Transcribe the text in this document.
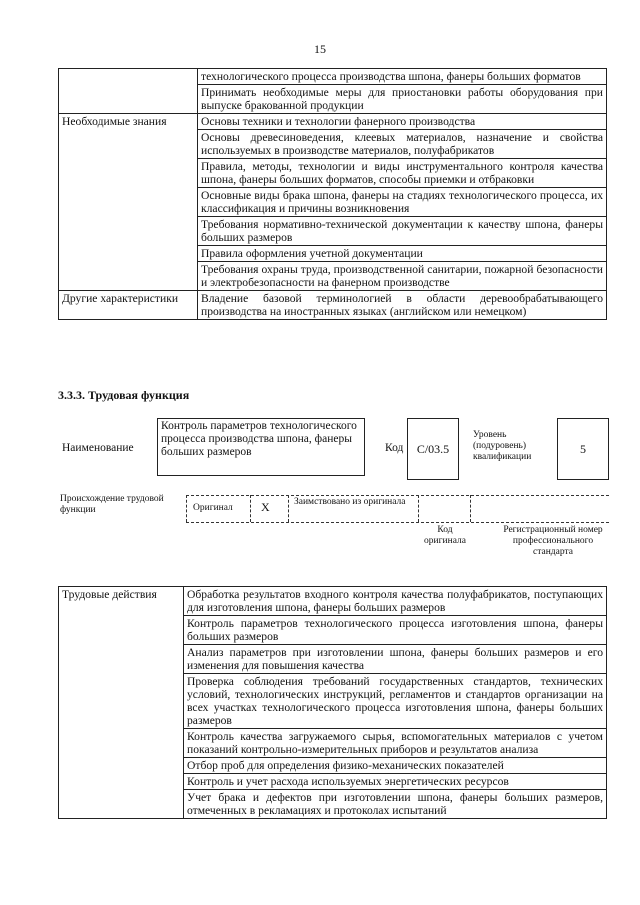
15
	технологического процесса производства шпона, фанеры больших форматов
	Принимать необходимые меры для приостановки работы оборудования при выпуске бракованной продукции
Необходимые знания	Основы техники и технологии фанерного производства
	Основы древесиноведения, клеевых материалов, назначение и свойства используемых в производстве материалов, полуфабрикатов
	Правила, методы, технологии и виды инструментального контроля качества шпона, фанеры больших форматов, способы приемки и отбраковки
	Основные виды брака шпона, фанеры на стадиях технологического процесса, их классификация и причины возникновения
	Требования нормативно-технической документации к качеству шпона, фанеры больших размеров
	Правила оформления учетной документации
	Требования охраны труда, производственной санитарии, пожарной безопасности и электробезопасности на фанерном производстве
Другие характеристики	Владение базовой терминологией в области деревообрабатывающего производства на иностранных языках (английском или немецком)
3.3.3. Трудовая функция
Наименование
Контроль параметров технологического процесса производства шпона, фанеры больших размеров	Код	С/03.5
Уровень (подуровень) квалификации
5
Происхождение трудовой функции	Оригинал X	Заимствовано из оригинала
Код оригинала
Регистрационный номер профессионального стандарта
Трудовые действия	Обработка результатов входного контроля качества полуфабрикатов, поступающих для изготовления шпона, фанеры больших размеров
Контроль параметров технологического процесса изготовления шпона, фанеры больших размеров
Анализ параметров при изготовлении шпона, фанеры больших размеров и его изменения для повышения качества
Проверка соблюдения требований государственных стандартов, технических условий, технологических инструкций, регламентов и стандартов организации на всех участках технологического процесса изготовления шпона, фанеры больших размеров
Контроль качества загружаемого сырья, вспомогательных материалов с учетом показаний контрольно-измерительных приборов и результатов анализа
Отбор проб для определения физико-механических показателей
Контроль и учет расхода используемых энергетических ресурсов
Учет брака и дефектов при изготовлении шпона, фанеры больших размеров, отмеченных в рекламациях и протоколах испытаний
